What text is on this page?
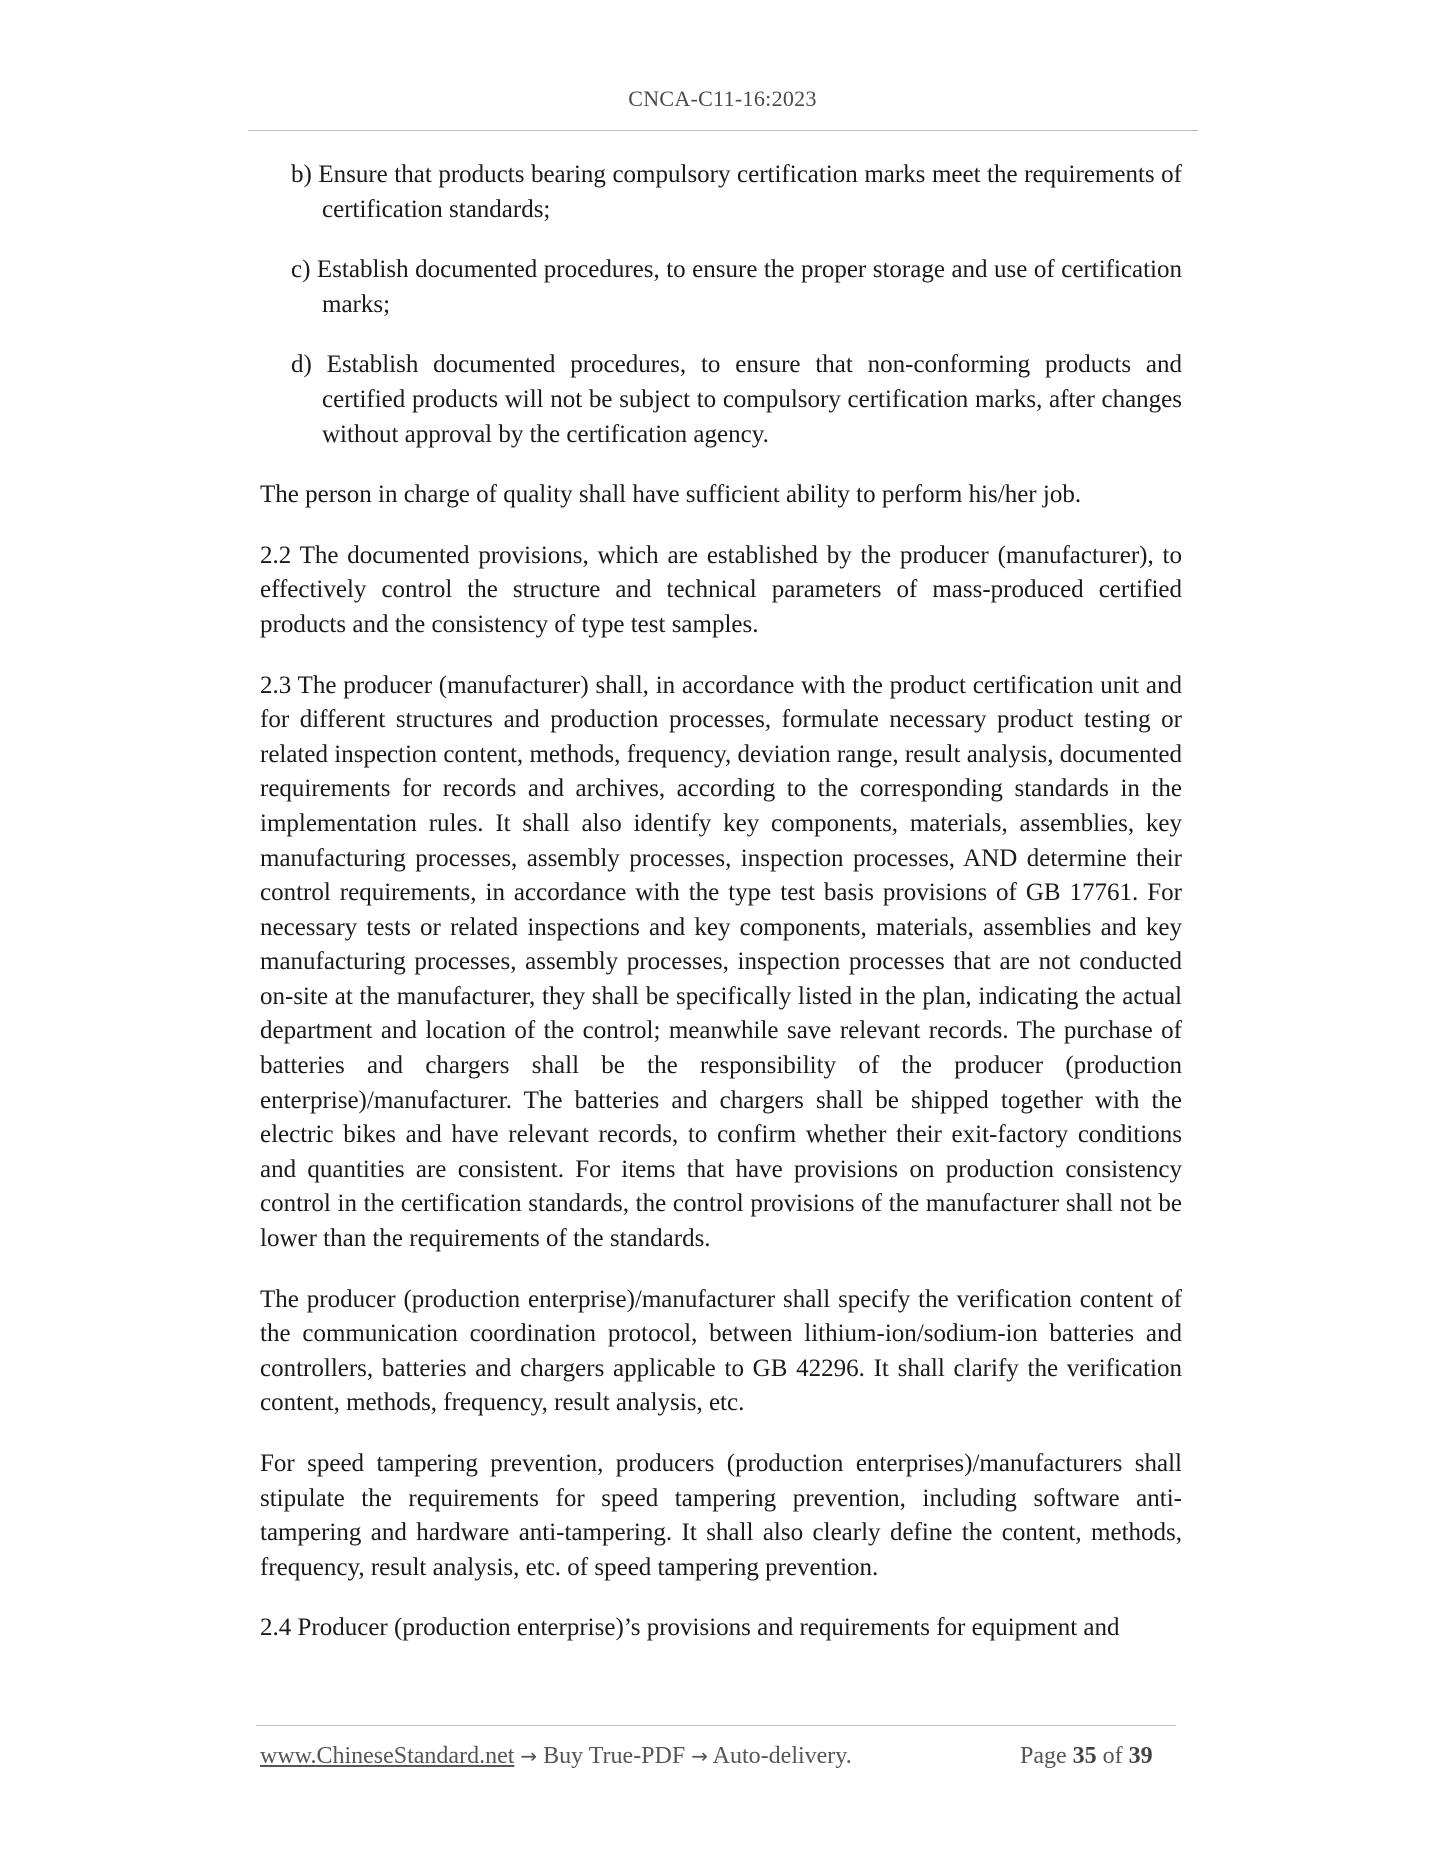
CNCA-C11-16:2023

b) Ensure that products bearing compulsory certification marks meet the requirements of certification standards;

c) Establish documented procedures, to ensure the proper storage and use of certification marks;

d) Establish documented procedures, to ensure that non-conforming products and certified products will not be subject to compulsory certification marks, after changes without approval by the certification agency.

The person in charge of quality shall have sufficient ability to perform his/her job.

2.2 The documented provisions, which are established by the producer (manufacturer), to effectively control the structure and technical parameters of mass-produced certified products and the consistency of type test samples.

2.3 The producer (manufacturer) shall, in accordance with the product certification unit and for different structures and production processes, formulate necessary product testing or related inspection content, methods, frequency, deviation range, result analysis, documented requirements for records and archives, according to the corresponding standards in the implementation rules. It shall also identify key components, materials, assemblies, key manufacturing processes, assembly processes, inspection processes, AND determine their control requirements, in accordance with the type test basis provisions of GB 17761. For necessary tests or related inspections and key components, materials, assemblies and key manufacturing processes, assembly processes, inspection processes that are not conducted on-site at the manufacturer, they shall be specifically listed in the plan, indicating the actual department and location of the control; meanwhile save relevant records. The purchase of batteries and chargers shall be the responsibility of the producer (production enterprise)/manufacturer. The batteries and chargers shall be shipped together with the electric bikes and have relevant records, to confirm whether their exit-factory conditions and quantities are consistent. For items that have provisions on production consistency control in the certification standards, the control provisions of the manufacturer shall not be lower than the requirements of the standards.

The producer (production enterprise)/manufacturer shall specify the verification content of the communication coordination protocol, between lithium-ion/sodium-ion batteries and controllers, batteries and chargers applicable to GB 42296. It shall clarify the verification content, methods, frequency, result analysis, etc.

For speed tampering prevention, producers (production enterprises)/manufacturers shall stipulate the requirements for speed tampering prevention, including software anti-tampering and hardware anti-tampering. It shall also clearly define the content, methods, frequency, result analysis, etc. of speed tampering prevention.

2.4 Producer (production enterprise)’s provisions and requirements for equipment and

www.ChineseStandard.net → Buy True-PDF → Auto-delivery.	Page 35 of 39
